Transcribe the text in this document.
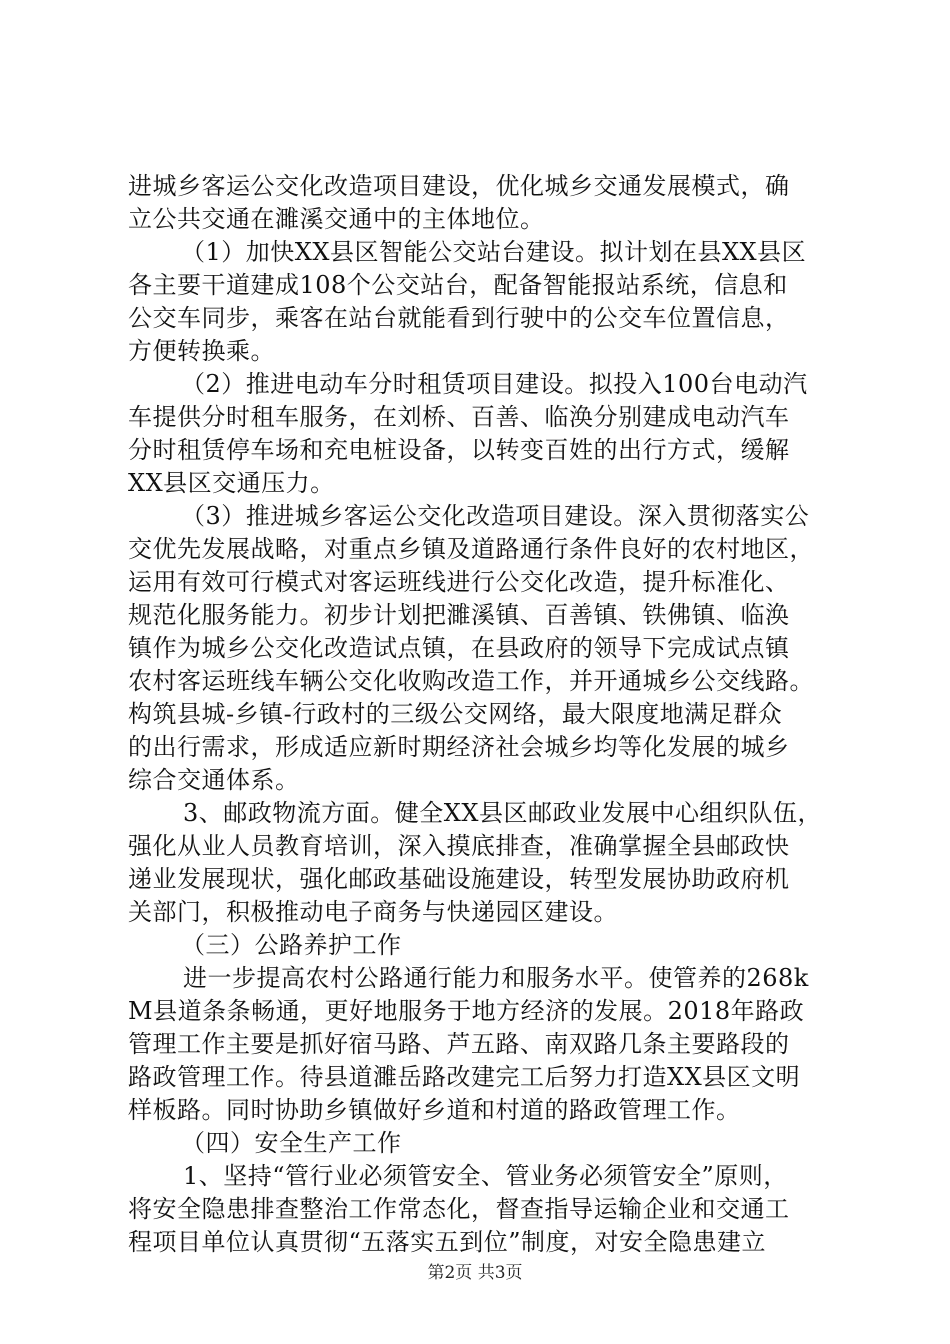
进城乡客运公交化改造项目建设，优化城乡交通发展模式，确
立公共交通在濉溪交通中的主体地位。
（1）加快XX县区智能公交站台建设。拟计划在县XX县区
各主要干道建成108个公交站台，配备智能报站系统，信息和
公交车同步，乘客在站台就能看到行驶中的公交车位置信息，
方便转换乘。
（2）推进电动车分时租赁项目建设。拟投入100台电动汽
车提供分时租车服务，在刘桥、百善、临涣分别建成电动汽车
分时租赁停车场和充电桩设备，以转变百姓的出行方式，缓解
XX县区交通压力。
（3）推进城乡客运公交化改造项目建设。深入贯彻落实公
交优先发展战略，对重点乡镇及道路通行条件良好的农村地区，
运用有效可行模式对客运班线进行公交化改造，提升标准化、
规范化服务能力。初步计划把濉溪镇、百善镇、铁佛镇、临涣
镇作为城乡公交化改造试点镇，在县政府的领导下完成试点镇
农村客运班线车辆公交化收购改造工作，并开通城乡公交线路。
构筑县城-乡镇-行政村的三级公交网络，最大限度地满足群众
的出行需求，形成适应新时期经济社会城乡均等化发展的城乡
综合交通体系。
3、邮政物流方面。健全XX县区邮政业发展中心组织队伍，
强化从业人员教育培训，深入摸底排查，准确掌握全县邮政快
递业发展现状，强化邮政基础设施建设，转型发展协助政府机
关部门，积极推动电子商务与快递园区建设。
（三）公路养护工作
进一步提高农村公路通行能力和服务水平。使管养的268k
M县道条条畅通，更好地服务于地方经济的发展。2018年路政
管理工作主要是抓好宿马路、芦五路、南双路几条主要路段的
路政管理工作。待县道濉岳路改建完工后努力打造XX县区文明
样板路。同时协助乡镇做好乡道和村道的路政管理工作。
（四）安全生产工作
1、坚持“管行业必须管安全、管业务必须管安全”原则，
将安全隐患排查整治工作常态化，督查指导运输企业和交通工
程项目单位认真贯彻“五落实五到位”制度，对安全隐患建立
第2页 共3页
